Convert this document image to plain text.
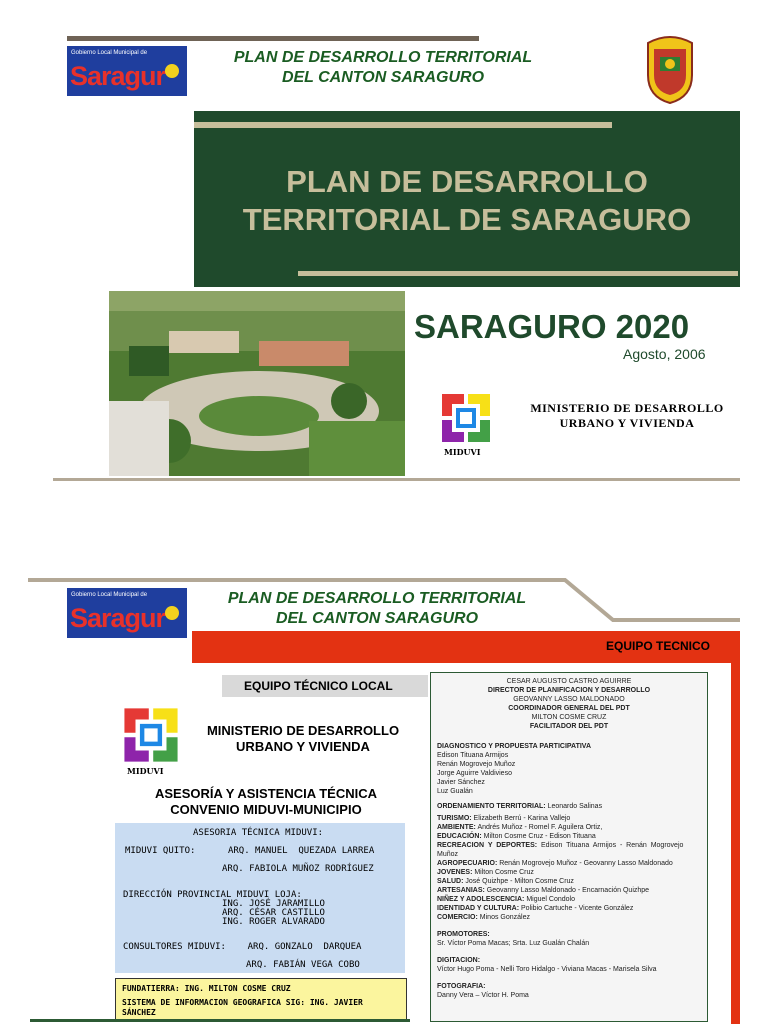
Gobierno Local Municipal de
Saragur
PLAN DE DESARROLLO TERRITORIAL
DEL CANTON SARAGURO
PLAN DE DESARROLLO
TERRITORIAL DE SARAGURO
SARAGURO 2020
Agosto, 2006
MIDUVI
MINISTERIO DE DESARROLLO
URBANO Y VIVIENDA
Gobierno Local Municipal de
Saragur
PLAN DE DESARROLLO TERRITORIAL
DEL CANTON SARAGURO
EQUIPO TECNICO
EQUIPO TÉCNICO LOCAL
MIDUVI
MINISTERIO DE DESARROLLO
URBANO Y VIVIENDA
ASESORÍA Y ASISTENCIA TÉCNICA
CONVENIO MIDUVI-MUNICIPIO
ASESORIA TÉCNICA MIDUVI:
MIDUVI QUITO:      ARQ. MANUEL  QUEZADA LARREA
ARQ. FABIOLA MUÑOZ RODRÍGUEZ
DIRECCIÓN PROVINCIAL MIDUVI LOJA:
ING. JOSÉ JARAMILLO
ARQ. CÉSAR CASTILLO
ING. ROGER ALVARADO
CONSULTORES MIDUVI:    ARQ. GONZALO  DARQUEA
ARQ. FABIÁN VEGA COBO
FUNDATIERRA: ING. MILTON COSME CRUZ
SISTEMA DE INFORMACION GEOGRAFICA SIG: ING. JAVIER
SÁNCHEZ
CESAR AUGUSTO CASTRO AGUIRRE
DIRECTOR DE PLANIFICACION Y DESARROLLO
GEOVANNY LASSO MALDONADO
COORDINADOR GENERAL DEL PDT
MILTON COSME CRUZ
FACILITADOR DEL PDT
DIAGNOSTICO Y PROPUESTA PARTICIPATIVA
Edison Tituana Armijos
Renán Mogrovejo Muñoz
Jorge Aguirre Valdivieso
Javier Sánchez
Luz Gualán
ORDENAMIENTO TERRITORIAL: Leonardo Salinas
TURISMO: Elizabeth Berrú - Karina Vallejo
AMBIENTE: Andrés Muñoz - Romel F. Aguilera Ortiz,
EDUCACIÓN: Milton Cosme Cruz - Edison Tituana
RECREACION  Y  DEPORTES:  Edison  Tituana  Armijos  -  Renán  Mogrovejo
Muñoz
AGROPECUARIO: Renán Mogrovejo Muñoz - Geovanny Lasso Maldonado
JOVENES: Milton Cosme Cruz
SALUD: José Quizhpe - Milton Cosme Cruz
ARTESANIAS: Geovanny Lasso Maldonado - Encarnación Quizhpe
NIÑEZ Y ADOLESCENCIA: Miguel Condolo
IDENTIDAD Y CULTURA: Polibio Cartuche - Vicente González
COMERCIO: Minos González
PROMOTORES:
Sr. Víctor Poma Macas; Srta. Luz Gualán Chalán
DIGITACION:
Víctor Hugo Poma - Nelli Toro Hidalgo - Viviana Macas - Marisela Silva
FOTOGRAFIA:
Danny Vera – Víctor H. Poma
